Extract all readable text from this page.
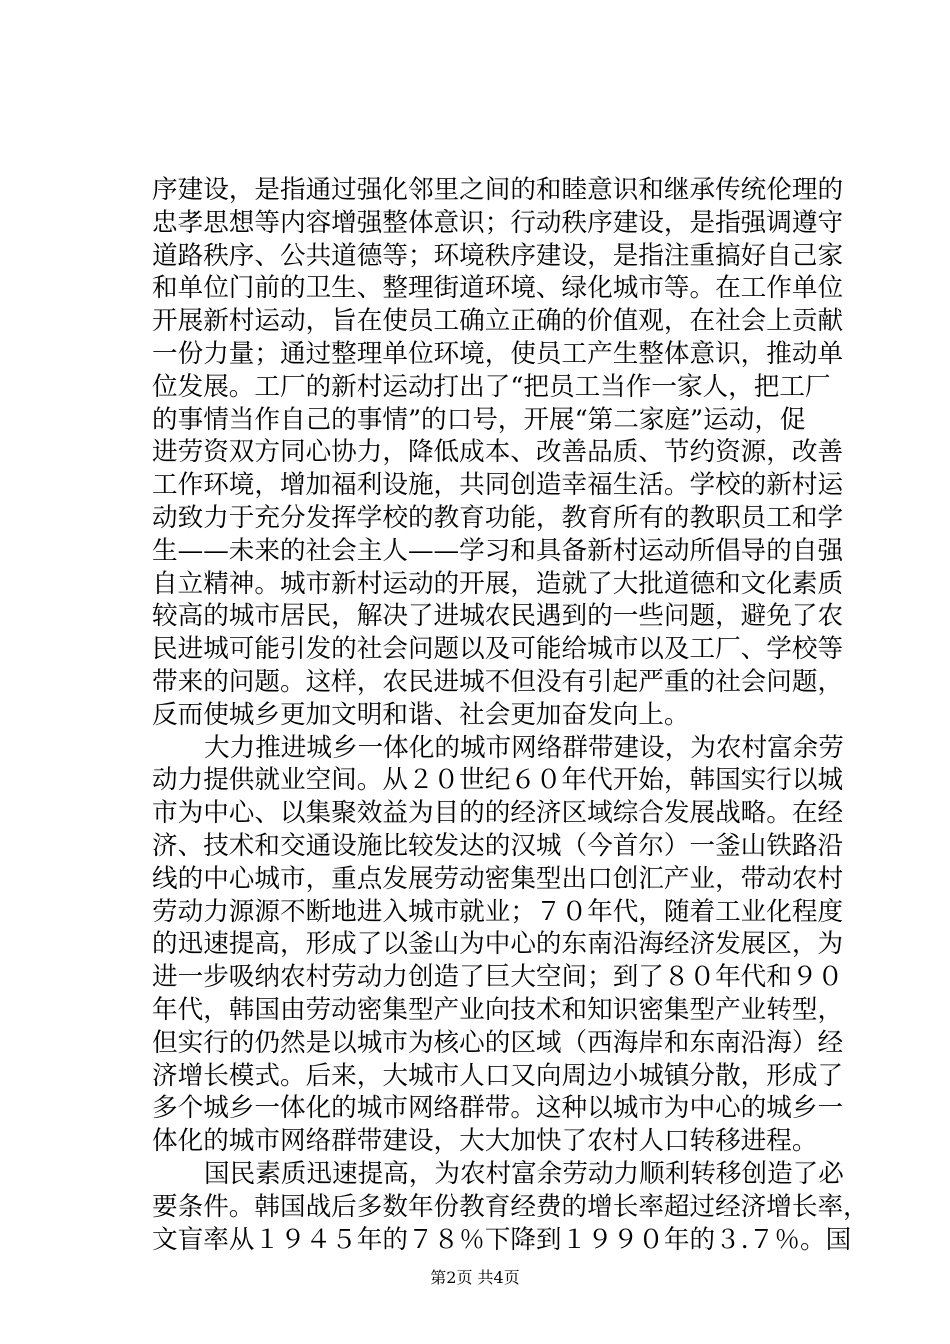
序建设，是指通过强化邻里之间的和睦意识和继承传统伦理的
忠孝思想等内容增强整体意识；行动秩序建设，是指强调遵守
道路秩序、公共道德等；环境秩序建设，是指注重搞好自己家
和单位门前的卫生、整理街道环境、绿化城市等。在工作单位
开展新村运动，旨在使员工确立正确的价值观，在社会上贡献
一份力量；通过整理单位环境，使员工产生整体意识，推动单
位发展。工厂的新村运动打出了“把员工当作一家人，把工厂
的事情当作自己的事情”的口号，开展“第二家庭”运动，促
进劳资双方同心协力，降低成本、改善品质、节约资源，改善
工作环境，增加福利设施，共同创造幸福生活。学校的新村运
动致力于充分发挥学校的教育功能，教育所有的教职员工和学
生——未来的社会主人——学习和具备新村运动所倡导的自强
自立精神。城市新村运动的开展，造就了大批道德和文化素质
较高的城市居民，解决了进城农民遇到的一些问题，避免了农
民进城可能引发的社会问题以及可能给城市以及工厂、学校等
带来的问题。这样，农民进城不但没有引起严重的社会问题，
反而使城乡更加文明和谐、社会更加奋发向上。
大力推进城乡一体化的城市网络群带建设，为农村富余劳
动力提供就业空间。从２０世纪６０年代开始，韩国实行以城
市为中心、以集聚效益为目的的经济区域综合发展战略。在经
济、技术和交通设施比较发达的汉城（今首尔）一釜山铁路沿
线的中心城市，重点发展劳动密集型出口创汇产业，带动农村
劳动力源源不断地进入城市就业；７０年代，随着工业化程度
的迅速提高，形成了以釜山为中心的东南沿海经济发展区，为
进一步吸纳农村劳动力创造了巨大空间；到了８０年代和９０
年代，韩国由劳动密集型产业向技术和知识密集型产业转型，
但实行的仍然是以城市为核心的区域（西海岸和东南沿海）经
济增长模式。后来，大城市人口又向周边小城镇分散，形成了
多个城乡一体化的城市网络群带。这种以城市为中心的城乡一
体化的城市网络群带建设，大大加快了农村人口转移进程。
国民素质迅速提高，为农村富余劳动力顺利转移创造了必
要条件。韩国战后多数年份教育经费的增长率超过经济增长率，
文盲率从１９４５年的７８％下降到１９９０年的３.７％。国
第2页 共4页
